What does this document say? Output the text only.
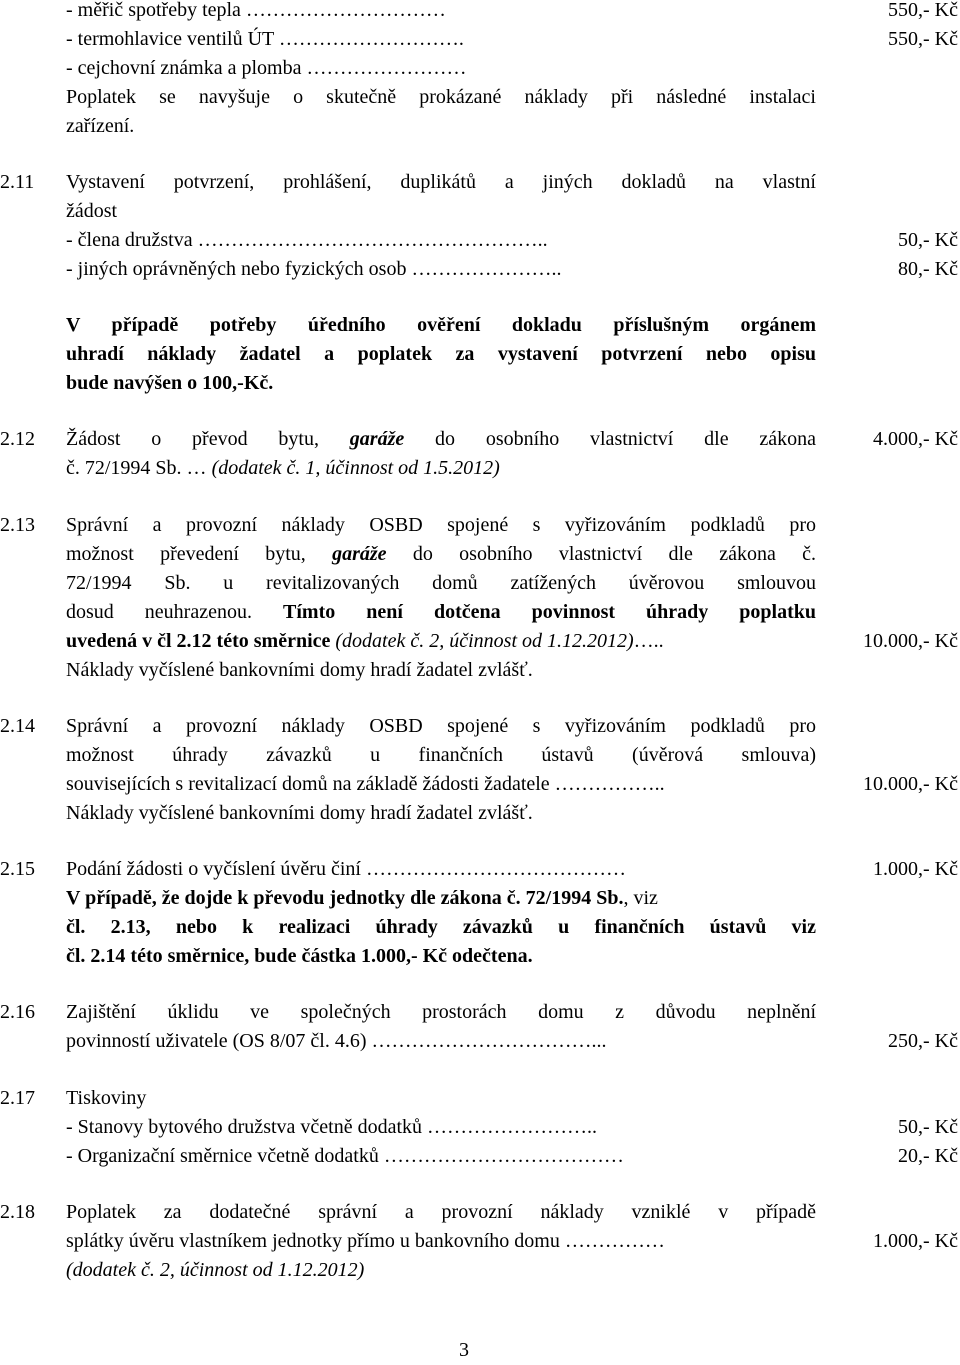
- měřič spotřeby tepla …………………………	550,- Kč
- termohlavice ventilů ÚT ……………………….	550,- Kč
- cejchovní známka a plomba ……………………
Poplatek se navyšuje o skutečně prokázané náklady při následné instalaci
zařízení.
2.11 Vystavení potvrzení, prohlášení, duplikátů a jiných dokladů na vlastní
žádost
- člena družstva ……………………………………………..	50,- Kč
- jiných oprávněných nebo fyzických osob …………………..	80,- Kč
V případě potřeby úředního ověření dokladu příslušným orgánem
uhradí náklady žadatel a poplatek za vystavení potvrzení nebo opisu
bude navýšen o 100,-Kč.
2.12 Žádost o převod bytu, garáže do osobního vlastnictví dle zákona	4.000,- Kč
č. 72/1994 Sb. … (dodatek č. 1, účinnost od 1.5.2012)
2.13 Správní a provozní náklady OSBD spojené s vyřizováním podkladů pro
možnost převedení bytu, garáže do osobního vlastnictví dle zákona č.
72/1994 Sb. u revitalizovaných domů zatížených úvěrovou smlouvou
dosud neuhrazenou. Tímto není dotčena povinnost úhrady poplatku
uvedená v čl 2.12 této směrnice (dodatek č. 2, účinnost od 1.12.2012)…..	10.000,- Kč
Náklady vyčíslené bankovními domy hradí žadatel zvlášť.
2.14 Správní a provozní náklady OSBD spojené s vyřizováním podkladů pro
možnost úhrady závazků u finančních ústavů (úvěrová smlouva)
souvisejících s revitalizací domů na základě žádosti žadatele ……………..	10.000,- Kč
Náklady vyčíslené bankovními domy hradí žadatel zvlášť.
2.15 Podání žádosti o vyčíslení úvěru činí …………………………………	1.000,- Kč
V případě, že dojde k převodu jednotky dle zákona č. 72/1994 Sb., viz
čl. 2.13, nebo k realizaci úhrady závazků u finančních ústavů viz
čl. 2.14 této směrnice, bude částka 1.000,- Kč odečtena.
2.16 Zajištění úklidu ve společných prostorách domu z důvodu neplnění
povinností uživatele (OS 8/07 čl. 4.6) ……………………………...	250,- Kč
2.17 Tiskoviny
- Stanovy bytového družstva včetně dodatků ……………………..	50,- Kč
- Organizační směrnice včetně dodatků ………………………………	20,- Kč
2.18 Poplatek za dodatečné správní a provozní náklady vzniklé v případě
splátky úvěru vlastníkem jednotky přímo u bankovního domu ……………	1.000,- Kč
(dodatek č. 2, účinnost od 1.12.2012)
3
